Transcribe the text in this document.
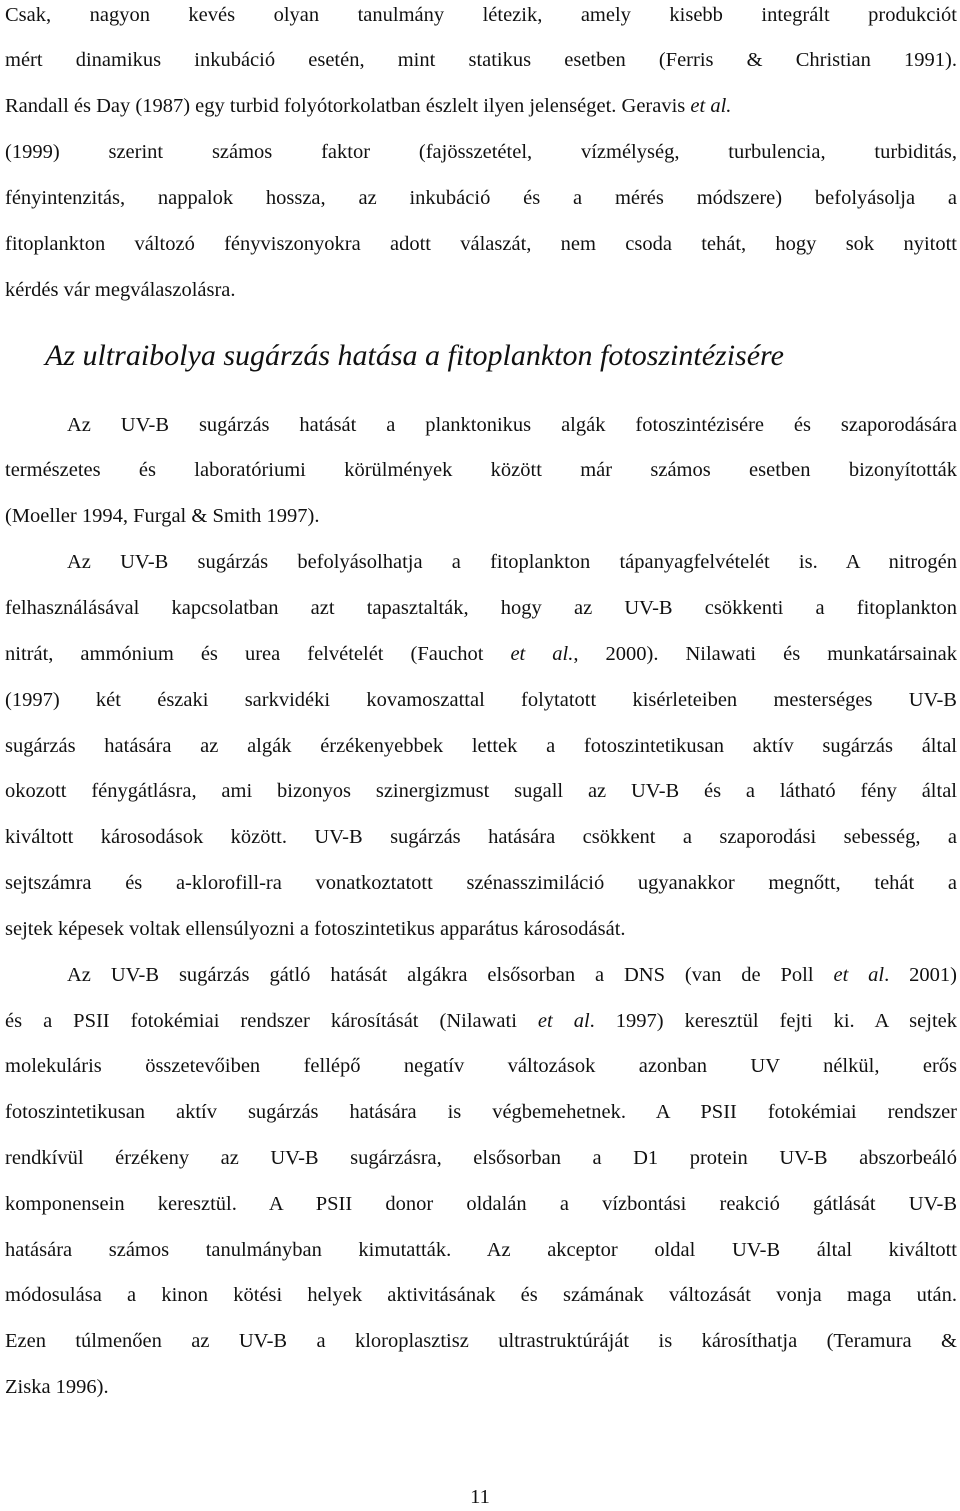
Csak, nagyon kevés olyan tanulmány létezik, amely kisebb integrált produkciót
mért dinamikus inkubáció esetén, mint statikus esetben (Ferris & Christian 1991).
Randall és Day (1987) egy turbid folyótorkolatban észlelt ilyen jelenséget. Geravis et al.
(1999) szerint számos faktor (fajösszetétel, vízmélység, turbulencia, turbiditás,
fényintenzitás, nappalok hossza, az inkubáció és a mérés módszere) befolyásolja a
fitoplankton változó fényviszonyokra adott válaszát, nem csoda tehát, hogy sok nyitott
kérdés vár megválaszolásra.
Az ultraibolya sugárzás hatása a fitoplankton fotoszintézisére
Az UV-B sugárzás hatását a planktonikus algák fotoszintézisére és szaporodására
természetes és laboratóriumi körülmények között már számos esetben bizonyították
(Moeller 1994, Furgal & Smith 1997).
Az UV-B sugárzás befolyásolhatja a fitoplankton tápanyagfelvételét is. A nitrogén
felhasználásával kapcsolatban azt tapasztalták, hogy az UV-B csökkenti a fitoplankton
nitrát, ammónium és urea felvételét (Fauchot et al., 2000). Nilawati és munkatársainak
(1997) két északi sarkvidéki kovamoszattal folytatott kisérleteiben mesterséges UV-B
sugárzás hatására az algák érzékenyebbek lettek a fotoszintetikusan aktív sugárzás által
okozott fénygátlásra, ami bizonyos szinergizmust sugall az UV-B és a látható fény által
kiváltott károsodások között. UV-B sugárzás hatására csökkent a szaporodási sebesség, a
sejtszámra és a-klorofill-ra vonatkoztatott szénasszimiláció ugyanakkor megnőtt, tehát a
sejtek képesek voltak ellensúlyozni a fotoszintetikus apparátus károsodását.
Az UV-B sugárzás gátló hatását algákra elsősorban a DNS (van de Poll et al. 2001)
és a PSII fotokémiai rendszer károsítását (Nilawati et al. 1997) keresztül fejti ki. A sejtek
molekuláris összetevőiben fellépő negatív változások azonban UV nélkül, erős
fotoszintetikusan aktív sugárzás hatására is végbemehetnek. A PSII fotokémiai rendszer
rendkívül érzékeny az UV-B sugárzásra, elsősorban a D1 protein UV-B abszorbeáló
komponensein keresztül. A PSII donor oldalán a vízbontási reakció gátlását UV-B
hatására számos tanulmányban kimutatták. Az akceptor oldal UV-B által kiváltott
módosulása a kinon kötési helyek aktivitásának és számának változását vonja maga után.
Ezen túlmenően az UV-B a kloroplasztisz ultrastruktúráját is károsíthatja (Teramura &
Ziska 1996).
11
